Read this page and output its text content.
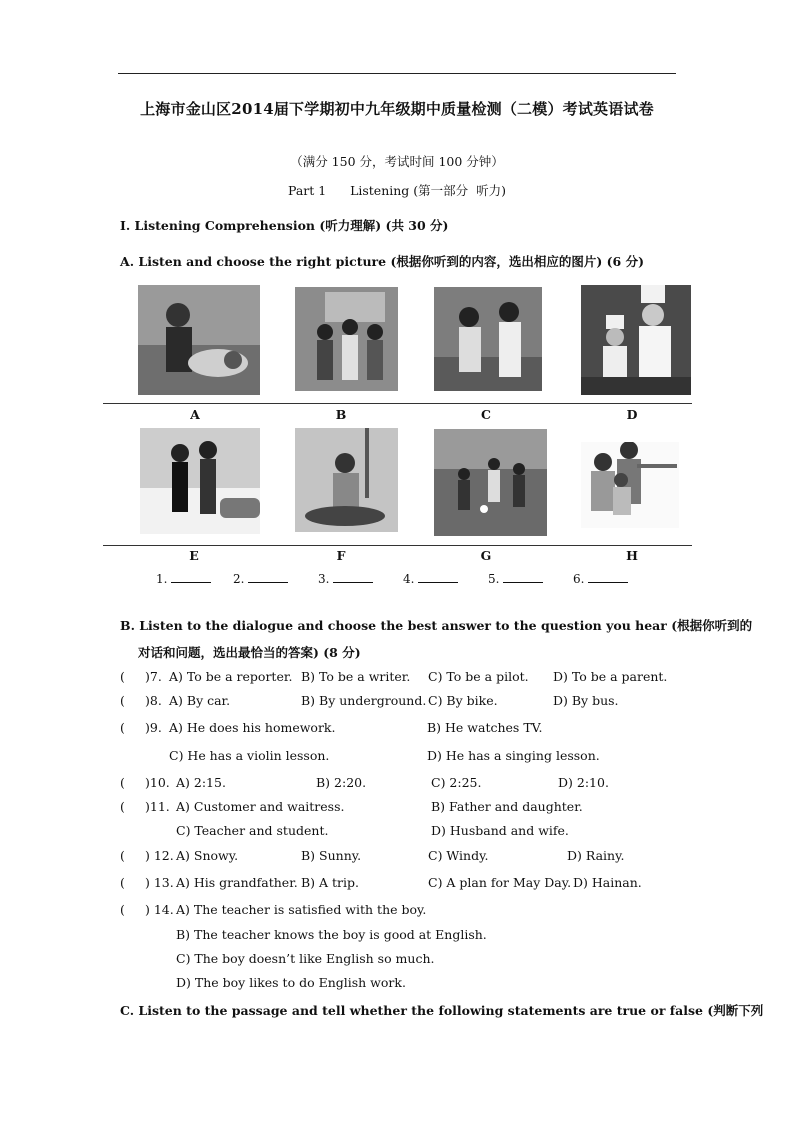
上海市金山区2014届下学期初中九年级期中质量检测（二模）考试英语试卷
（满分 150 分，考试时间 100 分钟）
Part 1      Listening (第一部分  听力)
I. Listening Comprehension (听力理解) (共 30 分)
A. Listen and choose the right picture (根据你听到的内容，选出相应的图片) (6 分)
A	B	C	D
E	F	G	H
1.	2.	3.	4.	5.	6.
B. Listen to the dialogue and choose the best answer to the question you hear (根据你听到的
对话和问题，选出最恰当的答案) (8 分)
( )7. A) To be a reporter. B) To be a writer. C) To be a pilot. D) To be a parent.
( )8. A) By car.	B) By underground. C) By bike.	D) By bus.
( )9. A) He does his homework.	B) He watches TV.
C) He has a violin lesson.	D) He has a singing lesson.
( )10. A) 2:15.	B) 2:20.	C) 2:25.	D) 2:10.
( )11. A) Customer and waitress.	B) Father and daughter.
C) Teacher and student.	D) Husband and wife.
( ) 12. A) Snowy.	B) Sunny.	C) Windy.	D) Rainy.
( ) 13. A) His grandfather. B) A trip.	C) A plan for May Day. D) Hainan.
( ) 14. A) The teacher is satisfied with the boy.
B) The teacher knows the boy is good at English.
C) The boy doesn’t like English so much.
D) The boy likes to do English work.
C. Listen to the passage and tell whether the following statements are true or false (判断下列
